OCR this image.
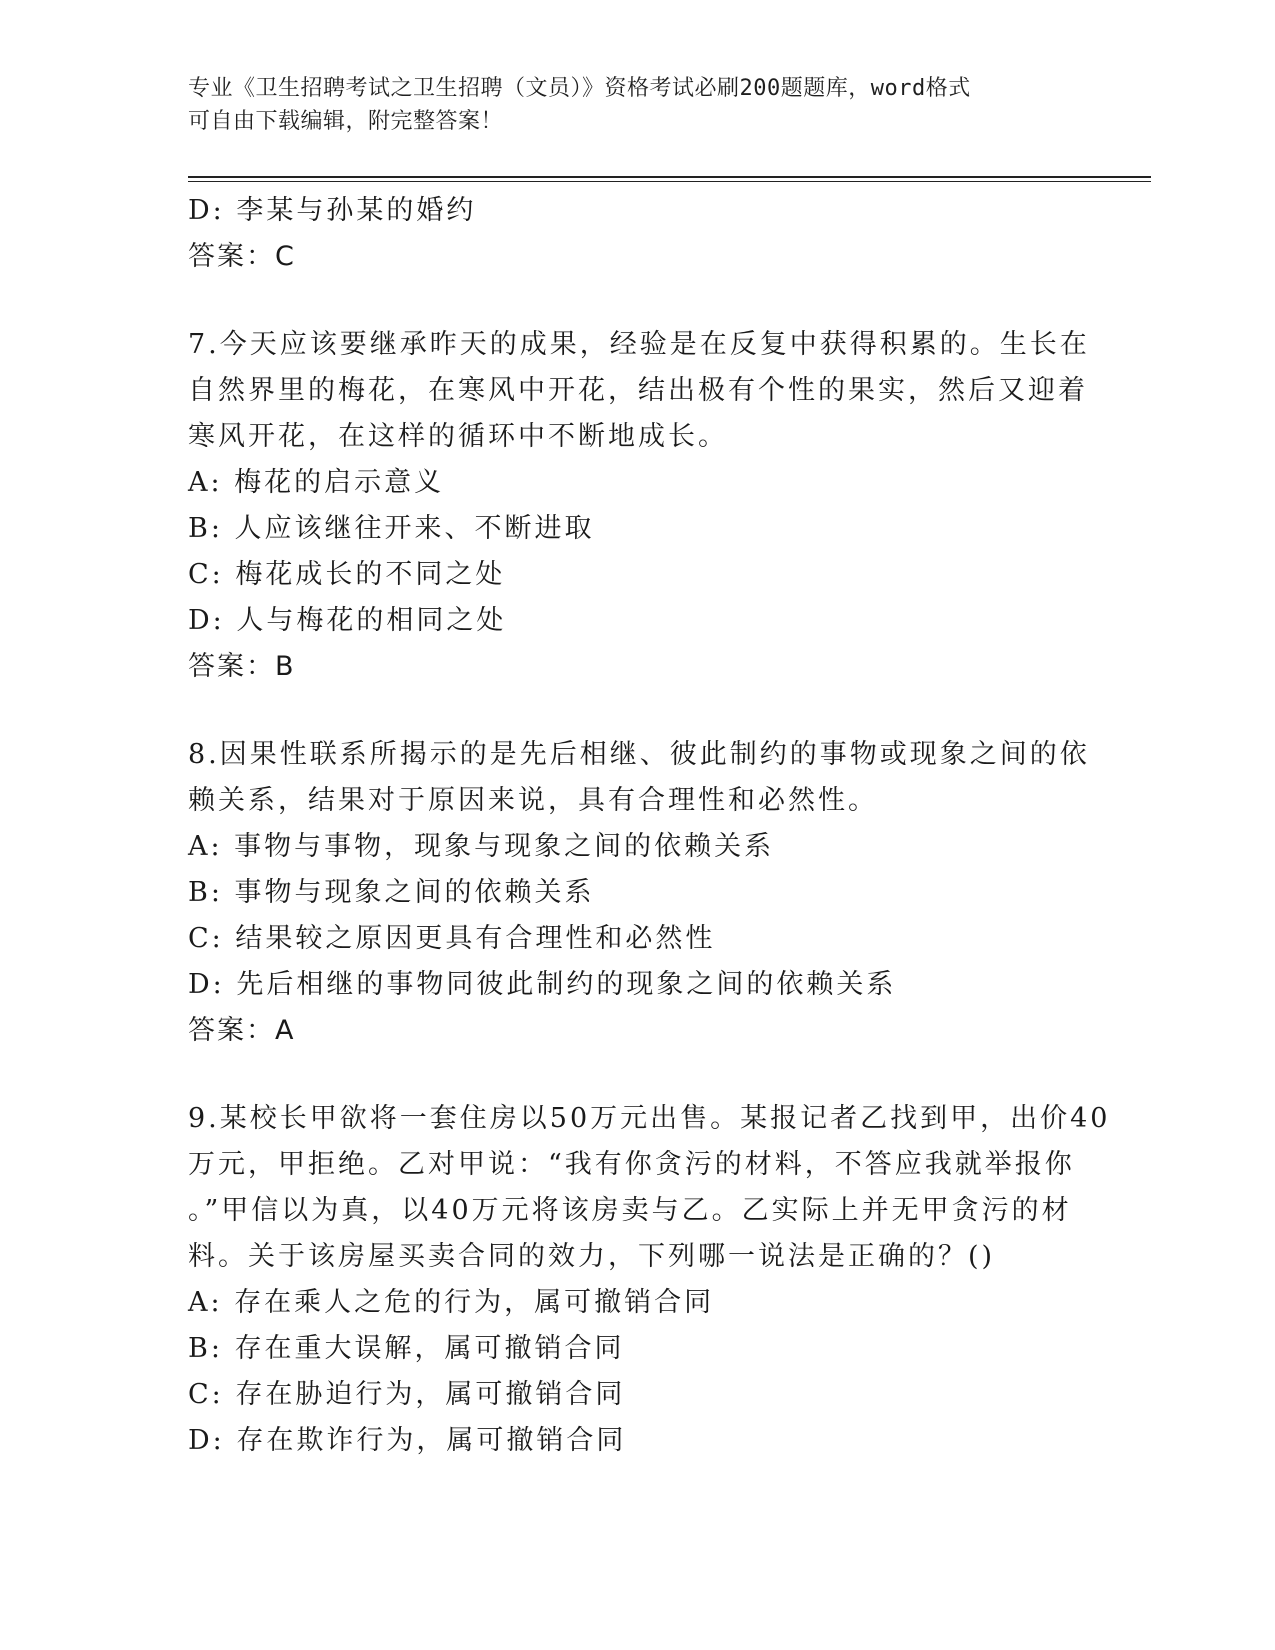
专业《卫生招聘考试之卫生招聘（文员）》资格考试必刷200题题库，word格式
可自由下载编辑，附完整答案！
D: 李某与孙某的婚约
答案：C
7.今天应该要继承昨天的成果，经验是在反复中获得积累的。生长在
自然界里的梅花，在寒风中开花，结出极有个性的果实，然后又迎着
寒风开花，在这样的循环中不断地成长。
A: 梅花的启示意义
B: 人应该继往开来、不断进取
C: 梅花成长的不同之处
D: 人与梅花的相同之处
答案：B
8.因果性联系所揭示的是先后相继、彼此制约的事物或现象之间的依
赖关系，结果对于原因来说，具有合理性和必然性。
A: 事物与事物，现象与现象之间的依赖关系
B: 事物与现象之间的依赖关系
C: 结果较之原因更具有合理性和必然性
D: 先后相继的事物同彼此制约的现象之间的依赖关系
答案：A
9.某校长甲欲将一套住房以50万元出售。某报记者乙找到甲，出价40
万元，甲拒绝。乙对甲说：“我有你贪污的材料，不答应我就举报你
。”甲信以为真，以40万元将该房卖与乙。乙实际上并无甲贪污的材
料。关于该房屋买卖合同的效力，下列哪一说法是正确的？()
A: 存在乘人之危的行为，属可撤销合同
B: 存在重大误解，属可撤销合同
C: 存在胁迫行为，属可撤销合同
D: 存在欺诈行为，属可撤销合同
